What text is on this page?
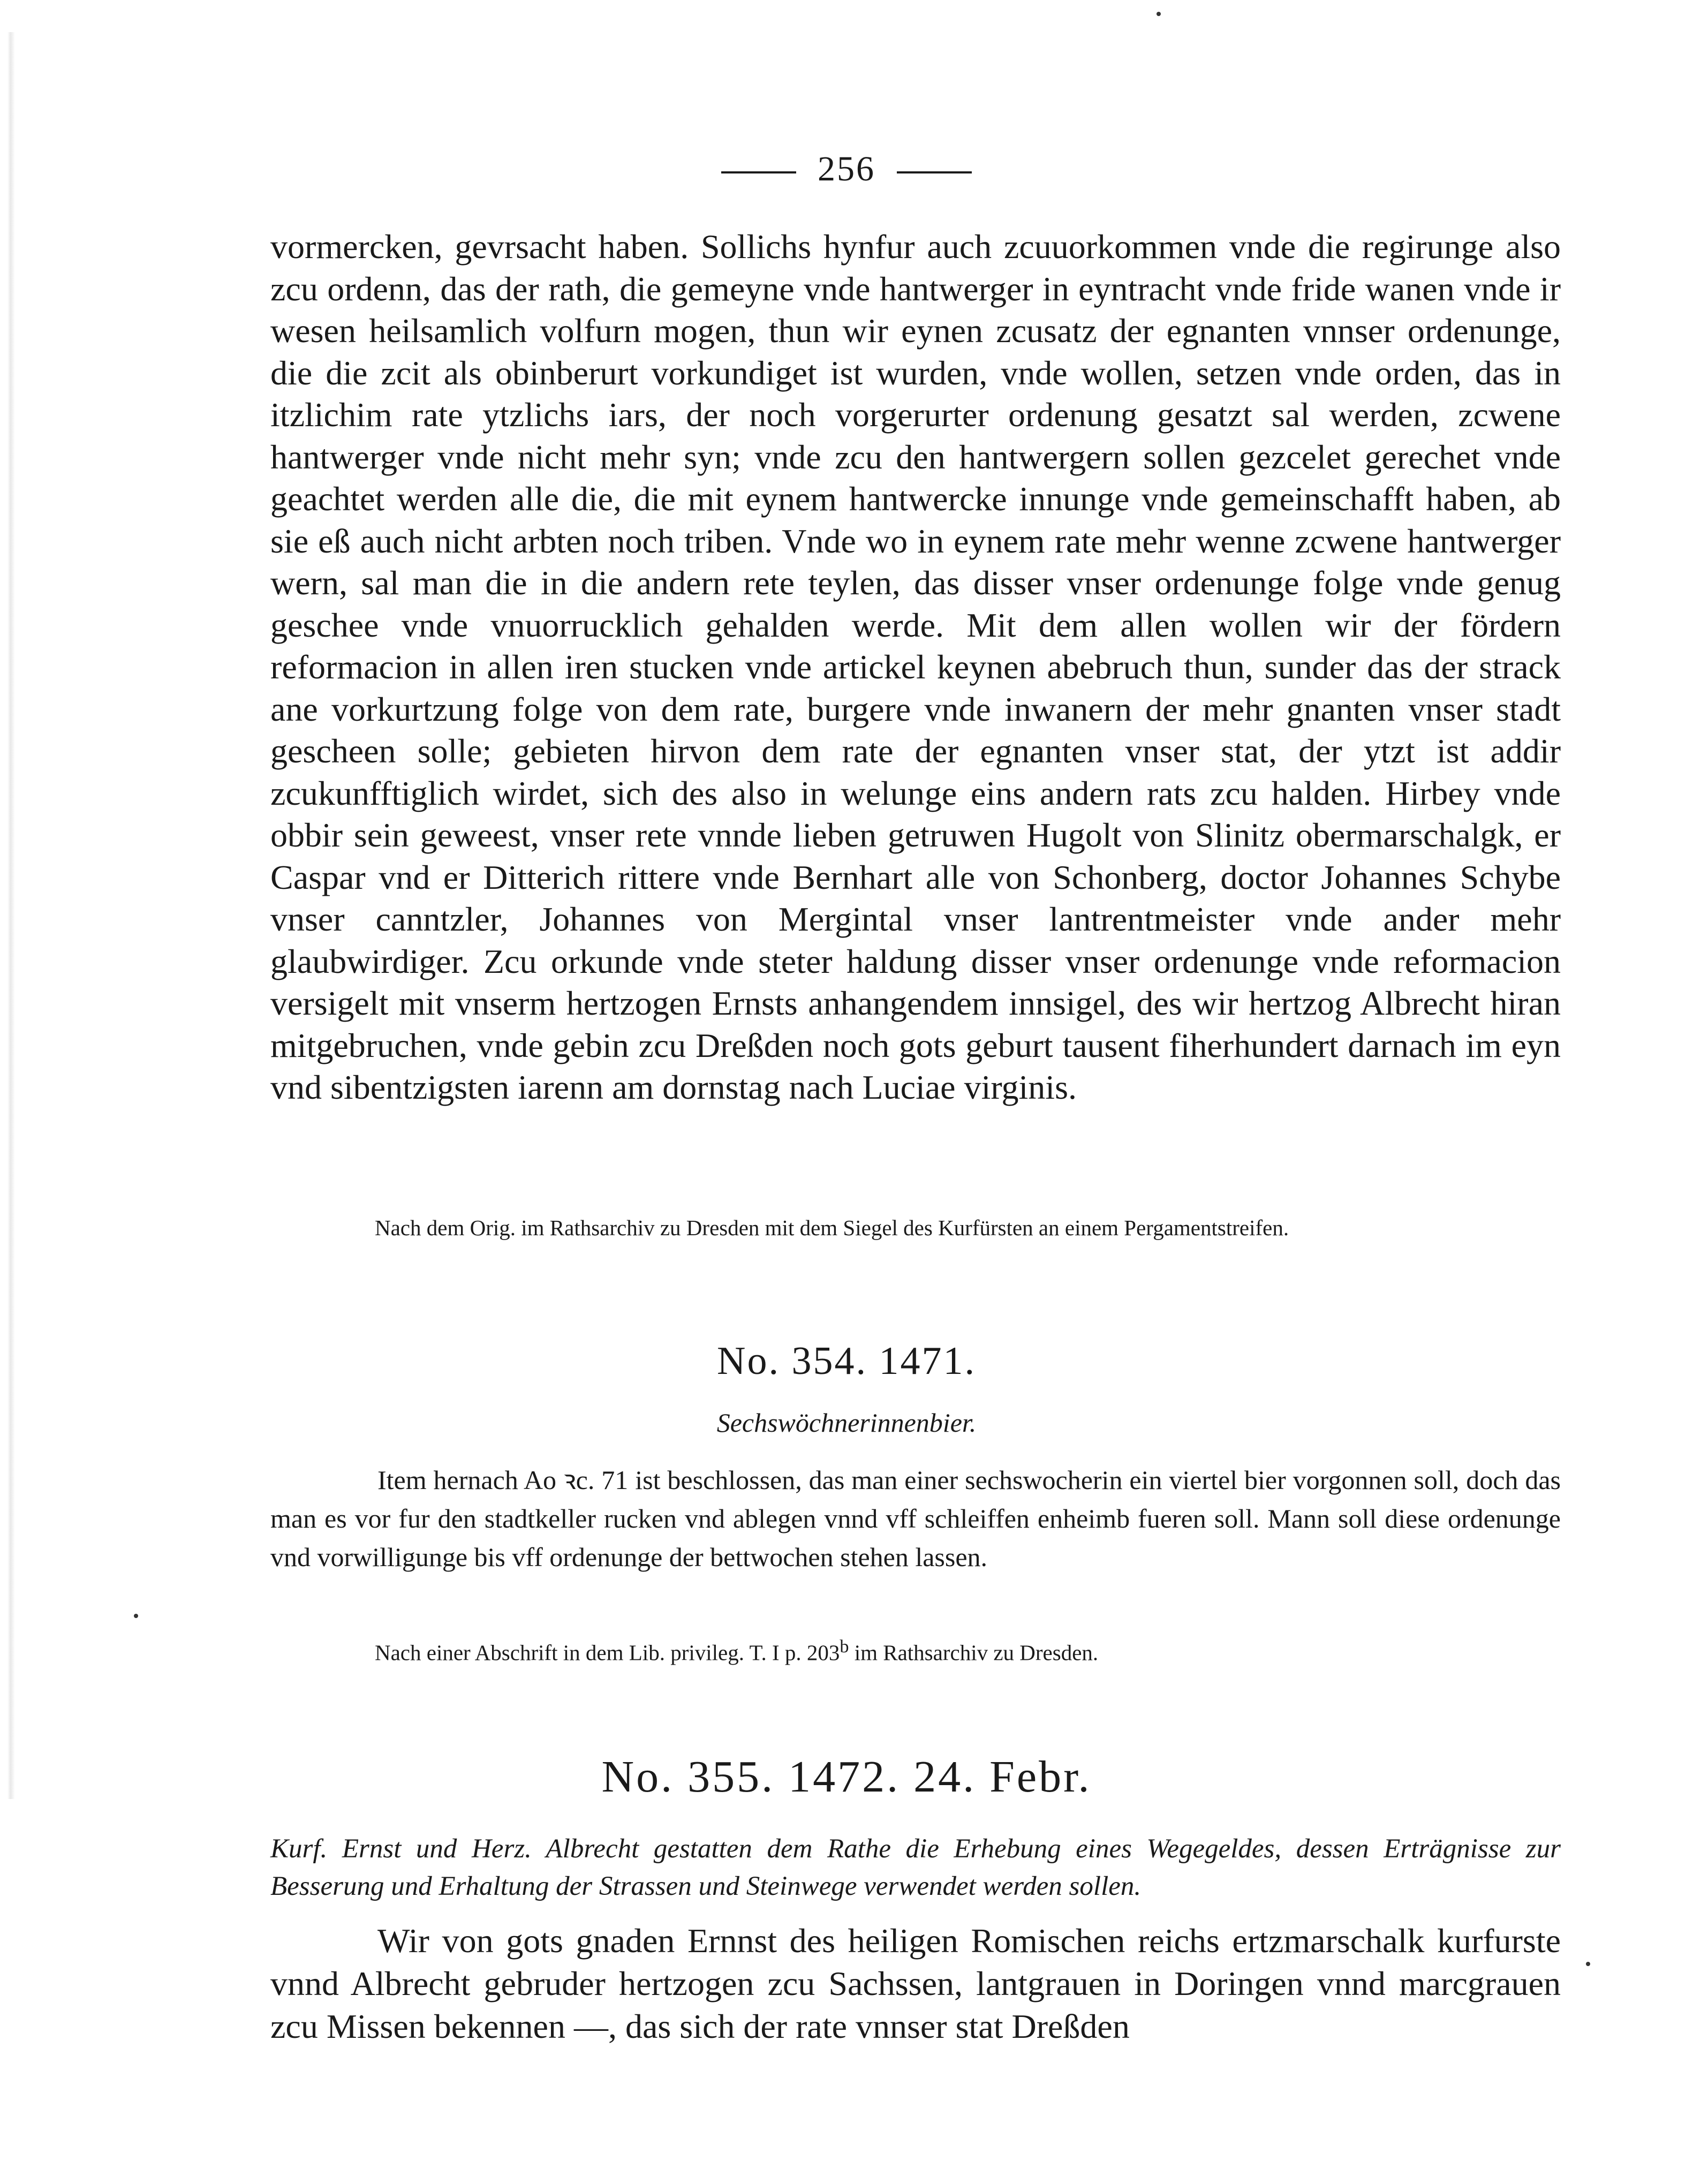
256

vormercken, gevrsacht haben. Sollichs hynfur auch zcuuorkommen vnde die regirunge also zcu ordenn, das der rath, die gemeyne vnde hantwerger in eyntracht vnde fride wanen vnde ir wesen heilsamlich volfurn mogen, thun wir eynen zcusatz der egnanten vnnser ordenunge, die die zcit als obinberurt vorkundiget ist wurden, vnde wollen, setzen vnde orden, das in itzlichim rate ytzlichs iars, der noch vorgerurter ordenung gesatzt sal werden, zcwene hantwerger vnde nicht mehr syn; vnde zcu den hantwergern sollen gezcelet gerechet vnde geachtet werden alle die, die mit eynem hantwercke innunge vnde gemeinschafft haben, ab sie eß auch nicht arbten noch triben. Vnde wo in eynem rate mehr wenne zcwene hantwerger wern, sal man die in die andern rete teylen, das disser vnser ordenunge folge vnde genug geschee vnde vnuorrucklich gehalden werde. Mit dem allen wollen wir der fördern reformacion in allen iren stucken vnde artickel keynen abebruch thun, sunder das der strack ane vorkurtzung folge von dem rate, burgere vnde inwanern der mehr gnanten vnser stadt gescheen solle; gebieten hirvon dem rate der egnanten vnser stat, der ytzt ist addir zcukunfftiglich wirdet, sich des also in welunge eins andern rats zcu halden. Hirbey vnde obbir sein geweest, vnser rete vnnde lieben getruwen Hugolt von Slinitz obermarschalgk, er Caspar vnd er Ditterich rittere vnde Bernhart alle von Schonberg, doctor Johannes Schybe vnser canntzler, Johannes von Mergintal vnser lantrentmeister vnde ander mehr glaubwirdiger. Zcu orkunde vnde steter haldung disser vnser ordenunge vnde reformacion versigelt mit vnserm hertzogen Ernsts anhangendem innsigel, des wir hertzog Albrecht hiran mitgebruchen, vnde gebin zcu Dreßden noch gots geburt tausent fiherhundert darnach im eyn vnd sibentzigsten iarenn am dornstag nach Luciae virginis.

Nach dem Orig. im Rathsarchiv zu Dresden mit dem Siegel des Kurfürsten an einem Pergamentstreifen.

No. 354. 1471.

Sechswöchnerinnenbier.

Item hernach Ao ꝛc. 71 ist beschlossen, das man einer sechswocherin ein viertel bier vorgonnen soll, doch das man es vor fur den stadtkeller rucken vnd ablegen vnnd vff schleiffen enheimb fueren soll. Mann soll diese ordenunge vnd vorwilligunge bis vff ordenunge der bettwochen stehen lassen.

Nach einer Abschrift in dem Lib. privileg. T. I p. 203$^b$ im Rathsarchiv zu Dresden.

No. 355. 1472. 24. Febr.

Kurf. Ernst und Herz. Albrecht gestatten dem Rathe die Erhebung eines Wegegeldes, dessen Erträgnisse zur Besserung und Erhaltung der Strassen und Steinwege verwendet werden sollen.

Wir von gots gnaden Ernnst des heiligen Romischen reichs ertzmarschalk kurfurste vnnd Albrecht gebruder hertzogen zcu Sachssen, lantgrauen in Doringen vnnd marcgrauen zcu Missen bekennen —, das sich der rate vnnser stat Dreßden
